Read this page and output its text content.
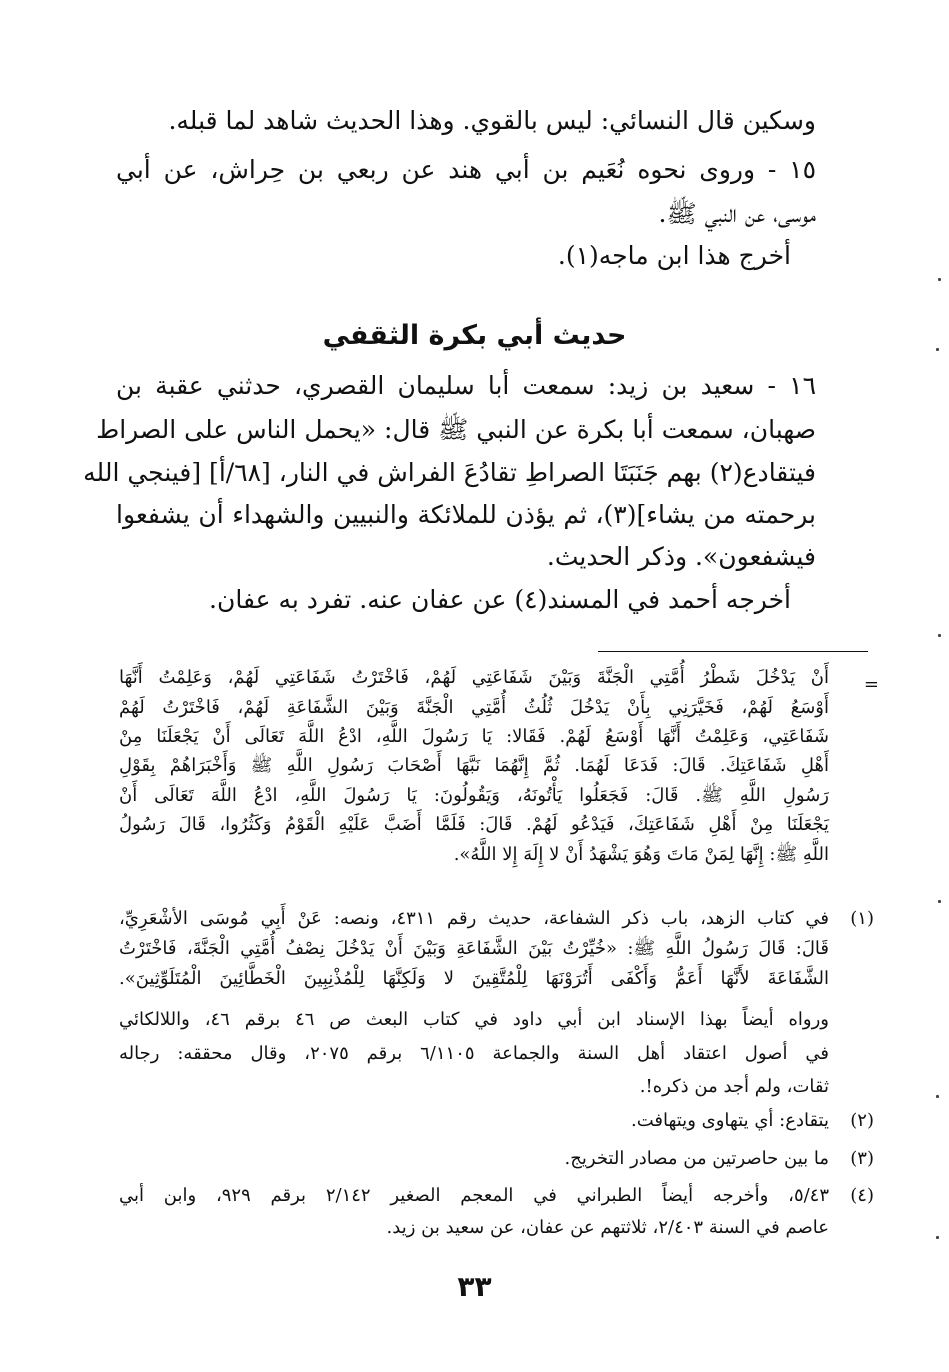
وسكين قال النسائي: ليس بالقوي. وهذا الحديث شاهد لما قبله.
١٥ - وروى نحوه نُعَيم بن أبي هند عن ربعي بن حِراش، عن أبي
موسى، عن النبي ﷺ.
أخرج هذا ابن ماجه(١).
حديث أبي بكرة الثقفي
١٦ - سعيد بن زيد: سمعت أبا سليمان القصري، حدثني عقبة بن
صهبان، سمعت أبا بكرة عن النبي ﷺ قال: «يحمل الناس على الصراط
فيتقادع(٢) بهم جَنَبَتَا الصراطِ تقادُعَ الفراش في النار، [٦٨/أ] [فينجي الله
برحمته من يشاء](٣)، ثم يؤذن للملائكة والنبيين والشهداء أن يشفعوا
فيشفعون». وذكر الحديث.
أخرجه أحمد في المسند(٤) عن عفان عنه. تفرد به عفان.
=
أَنْ يَدْخُلَ شَطْرُ أُمَّتِي الْجَنَّةَ وَبَيْنَ شَفَاعَتِي لَهُمْ، فَاخْتَرْتُ شَفَاعَتِي لَهُمْ، وَعَلِمْتُ أَنَّهَا
أَوْسَعُ لَهُمْ، فَخَيَّرَنِي بِأَنْ يَدْخُلَ ثُلُثُ أُمَّتِي الْجَنَّةَ وَبَيْنَ الشَّفَاعَةِ لَهُمْ، فَاخْتَرْتُ لَهُمْ
شَفَاعَتِي، وَعَلِمْتُ أَنَّهَا أَوْسَعُ لَهُمْ. فَقَالا: يَا رَسُولَ اللَّهِ، ادْعُ اللَّهَ تَعَالَى أَنْ يَجْعَلَنَا مِنْ
أَهْلِ شَفَاعَتِكَ. قَالَ: فَدَعَا لَهُمَا. ثُمَّ إِنَّهُمَا نَبَّهَا أَصْحَابَ رَسُولِ اللَّهِ ﷺ وَأَخْبَرَاهُمْ بِقَوْلِ
رَسُولِ اللَّهِ ﷺ. قَالَ: فَجَعَلُوا يَأْتُونَهُ، وَيَقُولُونَ: يَا رَسُولَ اللَّهِ، ادْعُ اللَّهَ تَعَالَى أَنْ
يَجْعَلَنَا مِنْ أَهْلِ شَفَاعَتِكَ، فَيَدْعُو لَهُمْ. قَالَ: فَلَمَّا أَضَبَّ عَلَيْهِ الْقَوْمُ وَكَثُرُوا، قَالَ رَسُولُ
اللَّهِ ﷺ: إِنَّهَا لِمَنْ مَاتَ وَهُوَ يَشْهَدُ أَنْ لا إِلَهَ إِلا اللَّهُ».
(١)
في كتاب الزهد، باب ذكر الشفاعة، حديث رقم ٤٣١١، ونصه: عَنْ أَبِي مُوسَى الأشْعَرِيِّ،
قَالَ: قَالَ رَسُولُ اللَّهِ ﷺ: «خُيِّرْتُ بَيْنَ الشَّفَاعَةِ وَبَيْنَ أَنْ يَدْخُلَ نِصْفُ أُمَّتِي الْجَنَّةَ، فَاخْتَرْتُ
الشَّفَاعَةَ لأَنَّهَا أَعَمُّ وَأَكْفَى أَتُرَوْنَهَا لِلْمُتَّقِينَ لا وَلَكِنَّهَا لِلْمُذْنِبِينَ الْخَطَّائِينَ الْمُتَلَوِّثِينَ».
ورواه أيضاً بهذا الإسناد ابن أبي داود في كتاب البعث ص ٤٦ برقم ٤٦، واللالكائي
في أصول اعتقاد أهل السنة والجماعة ٦/١١٠٥ برقم ٢٠٧٥، وقال محققه: رجاله
ثقات، ولم أجد من ذكره!.
(٢)
يتقادع: أي يتهاوى ويتهافت.
(٣)
ما بين حاصرتين من مصادر التخريج.
(٤)
٥/٤٣، وأخرجه أيضاً الطبراني في المعجم الصغير ٢/١٤٢ برقم ٩٢٩، وابن أبي
عاصم في السنة ٢/٤٠٣، ثلاثتهم عن عفان، عن سعيد بن زيد.
٣٣
